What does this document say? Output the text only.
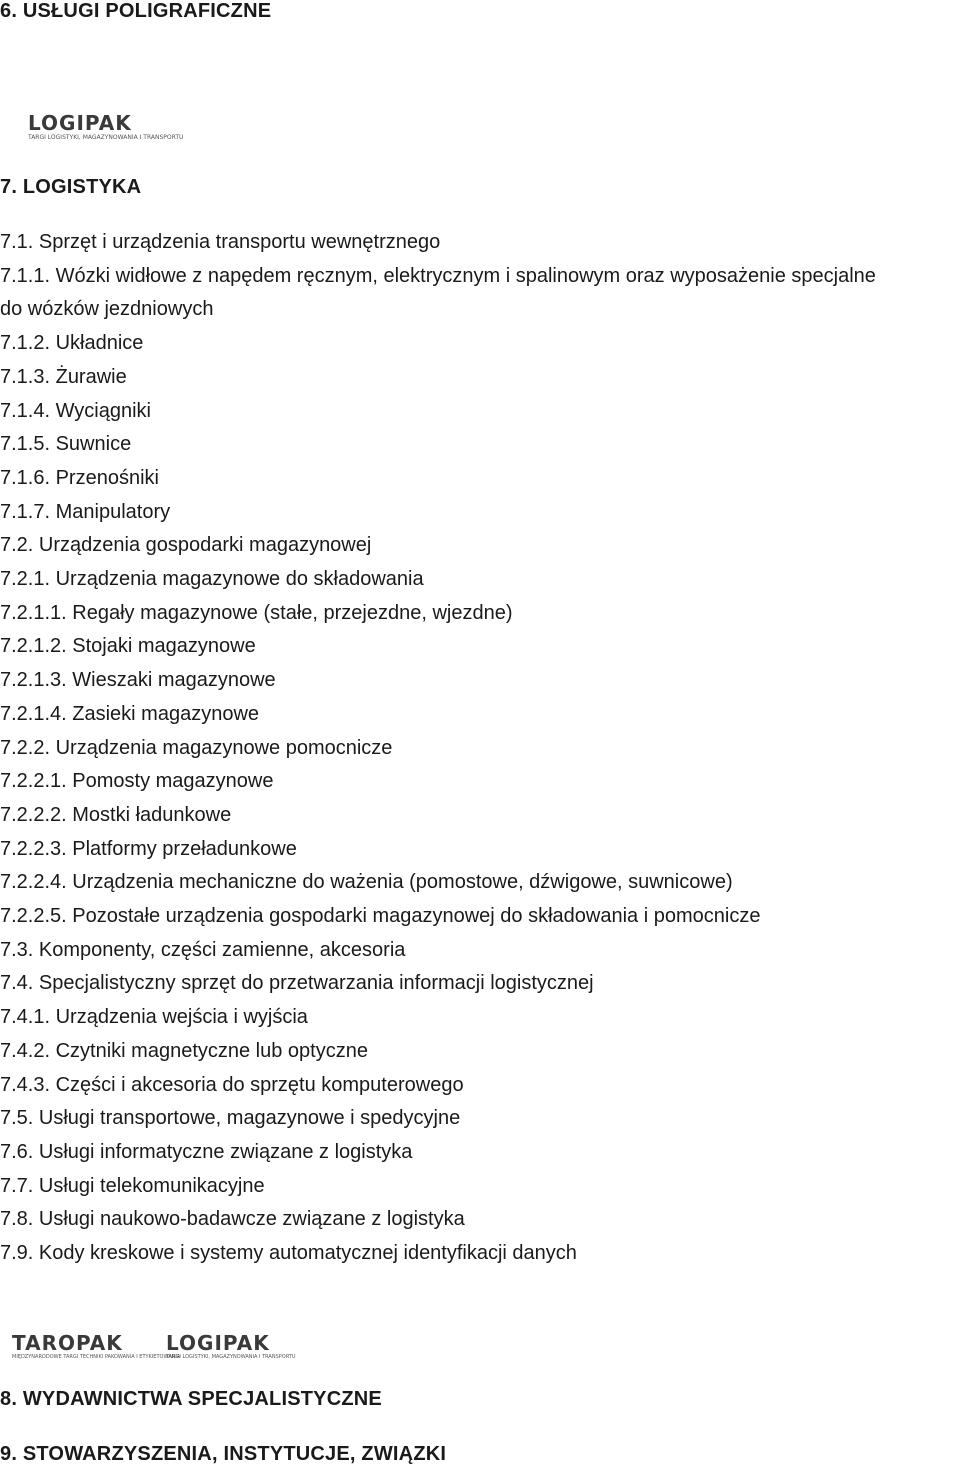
6. USŁUGI POLIGRAFICZNE
LOGIPAK
TARGI LOGISTYKI, MAGAZYNOWANIA I TRANSPORTU
7. LOGISTYKA
7.1. Sprzęt i urządzenia transportu wewnętrznego
7.1.1. Wózki widłowe z napędem ręcznym, elektrycznym i spalinowym oraz wyposażenie specjalne
do wózków jezdniowych
7.1.2. Układnice
7.1.3. Żurawie
7.1.4. Wyciągniki
7.1.5. Suwnice
7.1.6. Przenośniki
7.1.7. Manipulatory
7.2. Urządzenia gospodarki magazynowej
7.2.1. Urządzenia magazynowe do składowania
7.2.1.1. Regały magazynowe (stałe, przejezdne, wjezdne)
7.2.1.2. Stojaki magazynowe
7.2.1.3. Wieszaki magazynowe
7.2.1.4. Zasieki magazynowe
7.2.2. Urządzenia magazynowe pomocnicze
7.2.2.1. Pomosty magazynowe
7.2.2.2. Mostki ładunkowe
7.2.2.3. Platformy przeładunkowe
7.2.2.4. Urządzenia mechaniczne do ważenia (pomostowe, dźwigowe, suwnicowe)
7.2.2.5. Pozostałe urządzenia gospodarki magazynowej do składowania i pomocnicze
7.3. Komponenty, części zamienne, akcesoria
7.4. Specjalistyczny sprzęt do przetwarzania informacji logistycznej
7.4.1. Urządzenia wejścia i wyjścia
7.4.2. Czytniki magnetyczne lub optyczne
7.4.3. Części i akcesoria do sprzętu komputerowego
7.5. Usługi transportowe, magazynowe i spedycyjne
7.6. Usługi informatyczne związane z logistyka
7.7. Usługi telekomunikacyjne
7.8. Usługi naukowo-badawcze związane z logistyka
7.9. Kody kreskowe i systemy automatycznej identyfikacji danych
TAROPAK
MIĘDZYNARODOWE TARGI TECHNIKI PAKOWANIA I ETYKIETOWANIA
LOGIPAK
TARGI LOGISTYKI, MAGAZYNOWANIA I TRANSPORTU
8. WYDAWNICTWA SPECJALISTYCZNE
9. STOWARZYSZENIA, INSTYTUCJE, ZWIĄZKI
